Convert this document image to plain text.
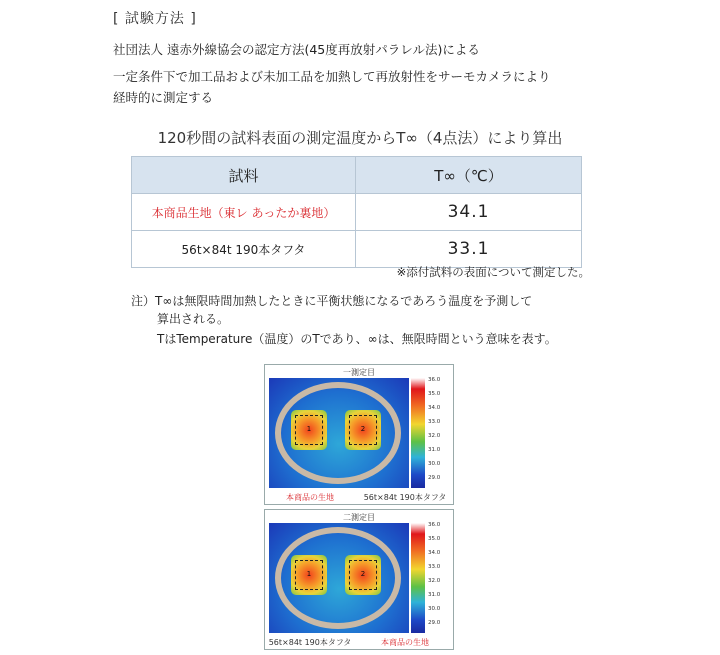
[ 試験方法 ]
社団法人 遠赤外線協会の認定方法(45度再放射パラレル法)による
一定条件下で加工品および未加工品を加熱して再放射性をサーモカメラにより
経時的に測定する
120秒間の試料表面の測定温度からT∞（4点法）により算出
試料	T∞（℃）
本商品生地（東レ あったか裏地）	34.1
56t×84t 190本タフタ	33.1
※添付試料の表面について測定した。
注）T∞は無限時間加熱したときに平衡状態になるであろう温度を予測して
算出される。
TはTemperature（温度）のTであり、∞は、無限時間という意味を表す。
一測定目
1	2
36.0
35.0
34.0
33.0
32.0
31.0
30.0
29.0
本商品の生地	56t×84t 190本タフタ
二測定目
1	2
36.0
35.0
34.0
33.0
32.0
31.0
30.0
29.0
56t×84t 190本タフタ	本商品の生地
